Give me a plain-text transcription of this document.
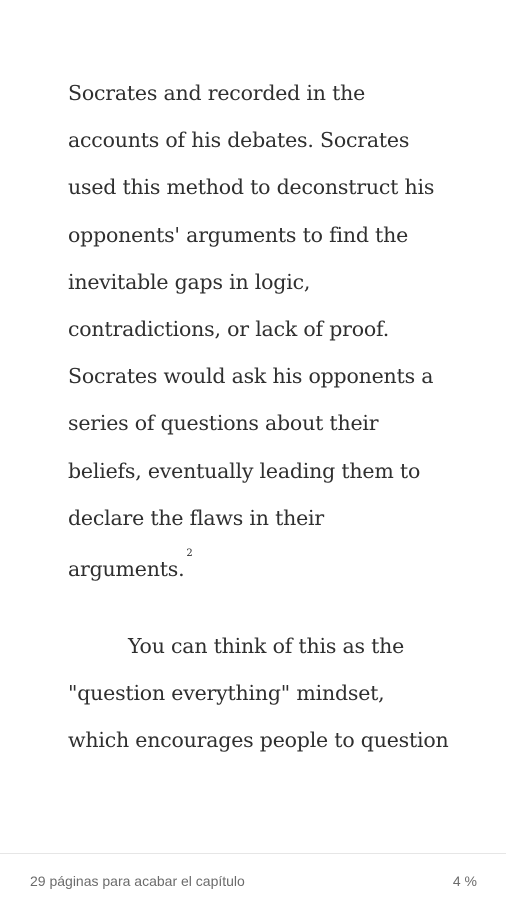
Socrates and recorded in the
accounts of his debates. Socrates
used this method to deconstruct his
opponents' arguments to find the
inevitable gaps in logic,
contradictions, or lack of proof.
Socrates would ask his opponents a
series of questions about their
beliefs, eventually leading them to
declare the flaws in their
arguments.$^2$
You can think of this as the
"question everything" mindset,
which encourages people to question
29 páginas para acabar el capítulo	4 %
